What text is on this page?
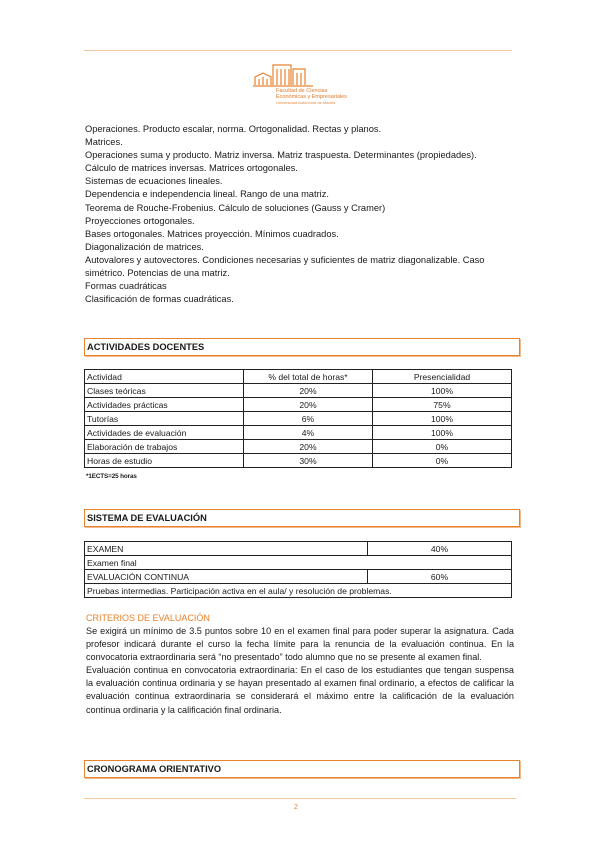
Facultad de Ciencias
Económicas y Empresariales
Universidad Autónoma de Madrid
Operaciones. Producto escalar, norma. Ortogonalidad. Rectas y planos.
Matrices.
Operaciones suma y producto. Matriz inversa. Matriz traspuesta. Determinantes (propiedades).
Cálculo de matrices inversas. Matrices ortogonales.
Sistemas de ecuaciones lineales.
Dependencia e independencia lineal. Rango de una matriz.
Teorema de Rouche-Frobenius. Cálculo de soluciones (Gauss y Cramer)
Proyecciones ortogonales.
Bases ortogonales. Matrices proyección. Mínimos cuadrados.
Diagonalización de matrices.
Autovalores y autovectores. Condiciones necesarias y suficientes de matriz diagonalizable. Caso simétrico. Potencias de una matriz.
Formas cuadráticas
Clasificación de formas cuadráticas.
ACTIVIDADES DOCENTES
Actividad	% del total de horas*	Presencialidad
Clases teóricas	20%	100%
Actividades prácticas	20%	75%
Tutorías	6%	100%
Actividades de evaluación	4%	100%
Elaboración de trabajos	20%	0%
Horas de estudio	30%	0%
*1ECTS=25 horas
SISTEMA DE EVALUACIÓN
EXAMEN	40%
Examen final	
EVALUACIÓN CONTINUA	60%
Pruebas intermedias. Participación activa en el aula/ y resolución de problemas.	
CRITERIOS DE EVALUACIÓN

Se exigirá un mínimo de 3.5 puntos sobre 10 en el examen final para poder superar la asignatura. Cada profesor indicará durante el curso la fecha límite para la renuncia de la evaluación continua. En la convocatoria extraordinaria será “no presentado” todo alumno que no se presente al examen final.

Evaluación continua en convocatoria extraordinaria: En el caso de los estudiantes que tengan suspensa la evaluación continua ordinaria y se hayan presentado al examen final ordinario, a efectos de calificar la evaluación continua extraordinaria se considerará el máximo entre la calificación de la evaluación continua ordinaria y la calificación final ordinaria.

CRONOGRAMA ORIENTATIVO
2
